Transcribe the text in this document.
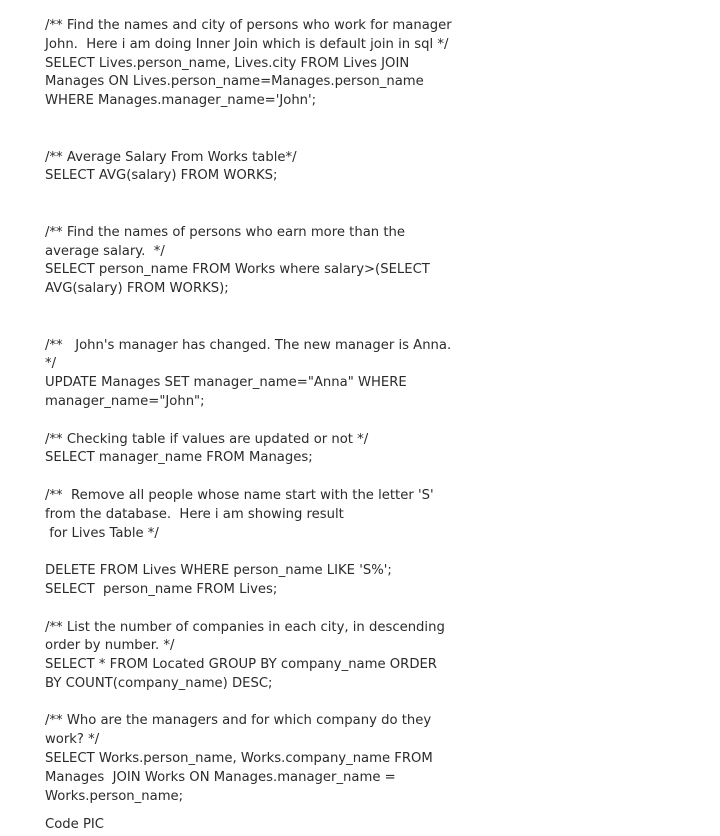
/** Find the names and city of persons who work for manager
John.  Here i am doing Inner Join which is default join in sql */
SELECT Lives.person_name, Lives.city FROM Lives JOIN
Manages ON Lives.person_name=Manages.person_name
WHERE Manages.manager_name='John';
/** Average Salary From Works table*/
SELECT AVG(salary) FROM WORKS;
/** Find the names of persons who earn more than the
average salary.  */
SELECT person_name FROM Works where salary>(SELECT
AVG(salary) FROM WORKS);
/**   John's manager has changed. The new manager is Anna.
*/
UPDATE Manages SET manager_name="Anna" WHERE
manager_name="John";
/** Checking table if values are updated or not */
SELECT manager_name FROM Manages;
/**  Remove all people whose name start with the letter 'S'
from the database.  Here i am showing result
for Lives Table */
DELETE FROM Lives WHERE person_name LIKE 'S%';
SELECT  person_name FROM Lives;
/** List the number of companies in each city, in descending
order by number. */
SELECT * FROM Located GROUP BY company_name ORDER
BY COUNT(company_name) DESC;
/** Who are the managers and for which company do they
work? */
SELECT Works.person_name, Works.company_name FROM
Manages  JOIN Works ON Manages.manager_name =
Works.person_name;
Code PIC
